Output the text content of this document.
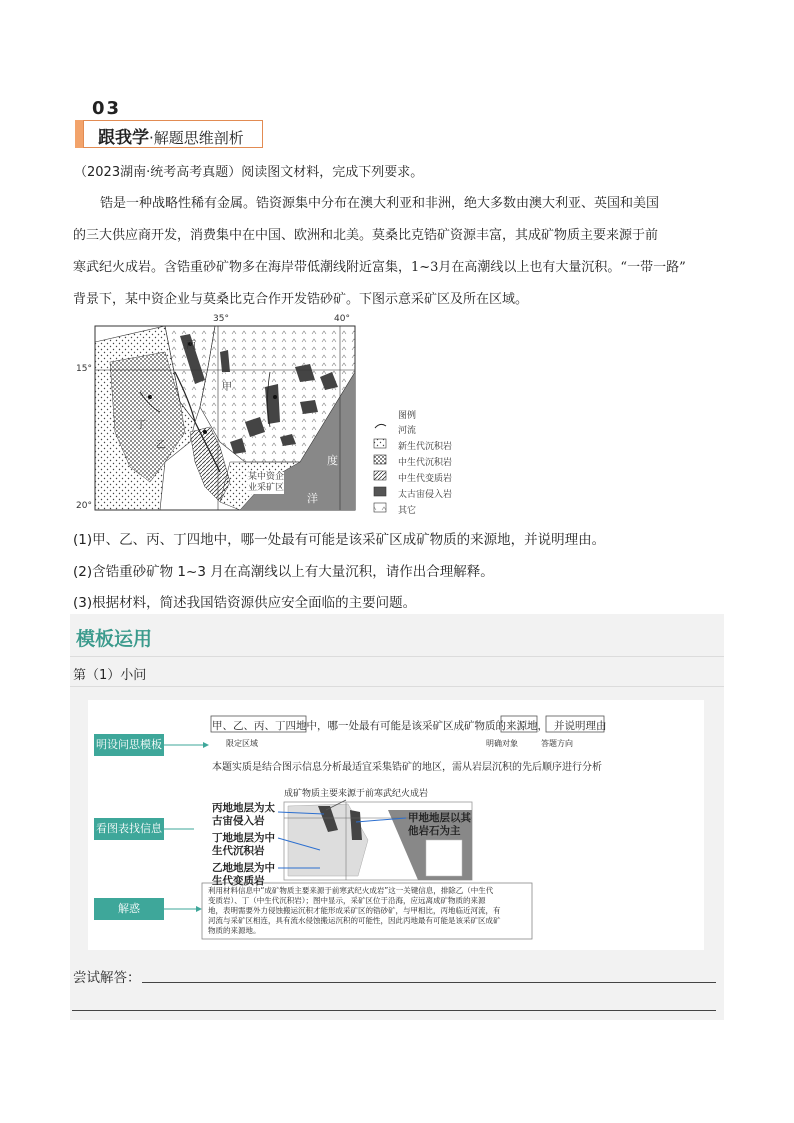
03
跟我学·解题思维剖析
（2023湖南·统考高考真题）阅读图文材料，完成下列要求。
锆是一种战略性稀有金属。锆资源集中分布在澳大利亚和非洲，绝大多数由澳大利亚、英国和美国
的三大供应商开发，消费集中在中国、欧洲和北美。莫桑比克锆矿资源丰富，其成矿物质主要来源于前
寒武纪火成岩。含锆重砂矿物多在海岸带低潮线附近富集，1~3月在高潮线以上也有大量沉积。“一带一路”
背景下，某中资企业与莫桑比克合作开发锆砂矿。下图示意采矿区及所在区域。
35°	40°
15°
20°
丙
甲
丁
乙
印
度
洋
某中资企
业采矿区
图例
河流
新生代沉积岩
中生代沉积岩
中生代变质岩
太古宙侵入岩
其它
(1)甲、乙、丙、丁四地中，哪一处最有可能是该采矿区成矿物质的来源地，并说明理由。
(2)含锆重砂矿物 1~3 月在高潮线以上有大量沉积，请作出合理解释。
(3)根据材料，简述我国锆资源供应安全面临的主要问题。
模板运用
第（1）小问
明设问思模板
看图表找信息
解惑
甲、乙、丙、丁四地中，哪一处最有可能是该采矿区成矿物质的来源地， 并说明理由
限定区域	明确对象	答题方向
本题实质是结合图示信息分析最适宜采集锆矿的地区，需从岩层沉积的先后顺序进行分析
成矿物质主要来源于前寒武纪火成岩
丙地地层为太
古宙侵入岩
丁地地层为中
生代沉积岩
乙地地层为中
生代变质岩
甲地地层以其
他岩石为主
利用材料信息中“成矿物质主要来源于前寒武纪火成岩”这一关键信息，排除乙（中生代
变质岩）、丁（中生代沉积岩）；图中显示，采矿区位于沿海，应远离成矿物质的来源
地，表明需要外力侵蚀搬运沉积才能形成采矿区的锆砂矿，与甲相比，丙地临近河流，有
河流与采矿区相连，具有流水侵蚀搬运沉积的可能性，因此丙地最有可能是该采矿区成矿
物质的来源地。
尝试解答：
